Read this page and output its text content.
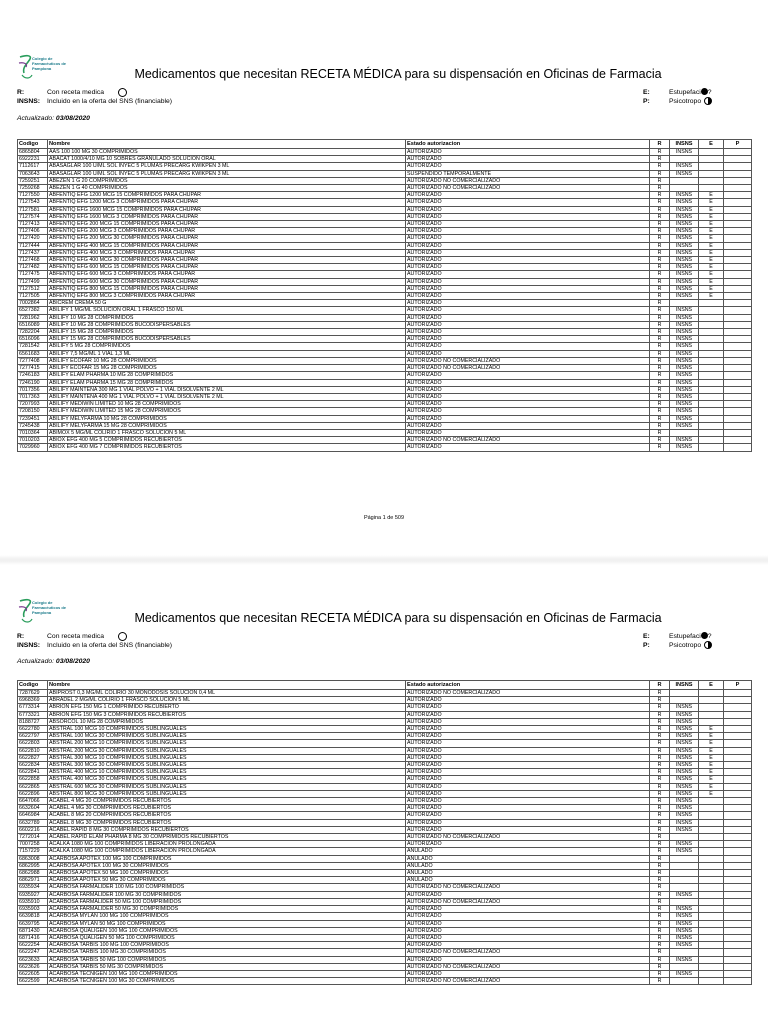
Colegio de Farmacéuticos de Pamplona	Medicamentos que necesitan RECETA MÉDICA para su dispensación en Oficinas de Farmacia
R:	Con receta medica
INSNS:	Incluido en la oferta del SNS (financiable)
E:	Estupefaci ?
P:	Psicotropo
Actualizado: 03/08/2020
Codigo	Nombre	Estado autorizacion	R	INSNS	E	P
6865804	AAS 100 100 MG 30 COMPRIMIDOS	AUTORIZADO	R	INSNS		
6922231	ABACAT 1000/4/10 MG 10 SOBRES GRANULADO SOLUCION ORAL	AUTORIZADO	R			
7112617	ABASAGLAR 100 U/ML SOL INYEC 5 PLUMAS PRECARG KWIKPEN 3 ML	AUTORIZADO	R	INSNS		
7063643	ABASAGLAR 100 U/ML SOL INYEC 5 PLUMAS PRECARG KWIKPEN 3 ML	SUSPENDIDO TEMPORALMENTE	R	INSNS		
7259251	ABEZEN 1 G 20 COMPRIMIDOS	AUTORIZADO NO COMERCIALIZADO	R			
7259268	ABEZEN 1 G 40 COMPRIMIDOS	AUTORIZADO NO COMERCIALIZADO	R			
7127550	ABFENTIQ EFG 1200 MCG 15 COMPRIMIDOS PARA CHUPAR	AUTORIZADO	R	INSNS	E	
7127543	ABFENTIQ EFG 1200 MCG 3 COMPRIMIDOS PARA CHUPAR	AUTORIZADO	R	INSNS	E	
7127581	ABFENTIQ EFG 1600 MCG 15 COMPRIMIDOS PARA CHUPAR	AUTORIZADO	R	INSNS	E	
7127574	ABFENTIQ EFG 1600 MCG 3 COMPRIMIDOS PARA CHUPAR	AUTORIZADO	R	INSNS	E	
7127413	ABFENTIQ EFG 200 MCG 15 COMPRIMIDOS PARA CHUPAR	AUTORIZADO	R	INSNS	E	
7127406	ABFENTIQ EFG 200 MCG 3 COMPRIMIDOS PARA CHUPAR	AUTORIZADO	R	INSNS	E	
7127420	ABFENTIQ EFG 200 MCG 30 COMPRIMIDOS PARA CHUPAR	AUTORIZADO	R	INSNS	E	
7127444	ABFENTIQ EFG 400 MCG 15 COMPRIMIDOS PARA CHUPAR	AUTORIZADO	R	INSNS	E	
7127437	ABFENTIQ EFG 400 MCG 3 COMPRIMIDOS PARA CHUPAR	AUTORIZADO	R	INSNS	E	
7127468	ABFENTIQ EFG 400 MCG 30 COMPRIMIDOS PARA CHUPAR	AUTORIZADO	R	INSNS	E	
7127482	ABFENTIQ EFG 600 MCG 15 COMPRIMIDOS PARA CHUPAR	AUTORIZADO	R	INSNS	E	
7127475	ABFENTIQ EFG 600 MCG 3 COMPRIMIDOS PARA CHUPAR	AUTORIZADO	R	INSNS	E	
7127499	ABFENTIQ EFG 600 MCG 30 COMPRIMIDOS PARA CHUPAR	AUTORIZADO	R	INSNS	E	
7127512	ABFENTIQ EFG 800 MCG 15 COMPRIMIDOS PARA CHUPAR	AUTORIZADO	R	INSNS	E	
7127505	ABFENTIQ EFG 800 MCG 3 COMPRIMIDOS PARA CHUPAR	AUTORIZADO	R	INSNS	E	
7002864	ABICREM CREMA 50 G	AUTORIZADO	R			
6527382	ABILIFY 1 MG/ML SOLUCION ORAL 1 FRASCO 150 ML	AUTORIZADO	R	INSNS		
7281962	ABILIFY 10 MG 28 COMPRIMIDOS	AUTORIZADO	R	INSNS		
6516089	ABILIFY 10 MG 28 COMPRIMIDOS BUCODISPERSABLES	AUTORIZADO	R	INSNS		
7282204	ABILIFY 15 MG 28 COMPRIMIDOS	AUTORIZADO	R	INSNS		
6516096	ABILIFY 15 MG 28 COMPRIMIDOS BUCODISPERSABLES	AUTORIZADO	R	INSNS		
7281542	ABILIFY 5 MG 28 COMPRIMIDOS	AUTORIZADO	R	INSNS		
6561683	ABILIFY 7,5 MG/ML 1 VIAL 1,3 ML	AUTORIZADO	R	INSNS		
7277408	ABILIFY ECOFAR 10 MG 28 COMPRIMIDOS	AUTORIZADO NO COMERCIALIZADO	R	INSNS		
7277415	ABILIFY ECOFAR 15 MG 28 COMPRIMIDOS	AUTORIZADO NO COMERCIALIZADO	R	INSNS		
7246183	ABILIFY ELAM PHARMA 10 MG 28 COMPRIMIDOS	AUTORIZADO	R	INSNS		
7246190	ABILIFY ELAM PHARMA 15 MG 28 COMPRIMIDOS	AUTORIZADO	R	INSNS		
7017356	ABILIFY MAINTENA 300 MG 1 VIAL POLVO + 1 VIAL DISOLVENTE 2 ML	AUTORIZADO	R	INSNS		
7017363	ABILIFY MAINTENA 400 MG 1 VIAL POLVO + 1 VIAL DISOLVENTE 2 ML	AUTORIZADO	R	INSNS		
7207993	ABILIFY MEDIWIN LIMITED 10 MG 28 COMPRIMIDOS	AUTORIZADO	R	INSNS		
7208150	ABILIFY MEDIWIN LIMITED 15 MG 28 COMPRIMIDOS	AUTORIZADO	R	INSNS		
7239451	ABILIFY MELYFARMA 10 MG 28 COMPRIMIDOS	AUTORIZADO	R	INSNS		
7245438	ABILIFY MELYFARMA 15 MG 28 COMPRIMIDOS	AUTORIZADO	R	INSNS		
7010364	ABIMOX 5 MG/ML COLIRIO 1 FRASCO SOLUCION 5 ML	AUTORIZADO	R			
7010203	ABIOX EFG 400 MG 5 COMPRIMIDOS RECUBIERTOS	AUTORIZADO NO COMERCIALIZADO	R	INSNS		
7029960	ABIOX EFG 400 MG 7 COMPRIMIDOS RECUBIERTOS	AUTORIZADO	R	INSNS		
Página 1 de 509
Colegio de Farmacéuticos de Pamplona	Medicamentos que necesitan RECETA MÉDICA para su dispensación en Oficinas de Farmacia
R:	Con receta medica
INSNS:	Incluido en la oferta del SNS (financiable)
E:	Estupefaci ?
P:	Psicotropo
Actualizado: 03/08/2020
Codigo	Nombre	Estado autorizacion	R	INSNS	E	P
7287629	ABIPROST 0,3 MG/ML COLIRIO 30 MONODOSIS SOLUCION 0,4 ML	AUTORIZADO NO COMERCIALIZADO	R			
6968369	ABRADEL 2 MG/ML COLIRIO 1 FRASCO SOLUCION 5 ML	AUTORIZADO	R			
6773314	ABRION EFG 150 MG 1 COMPRIMIDO RECUBIERTO	AUTORIZADO	R	INSNS		
6773321	ABRION EFG 150 MG 3 COMPRIMIDOS RECUBIERTOS	AUTORIZADO	R	INSNS		
8188727	ABSORCOL 10 MG 28 COMPRIMIDOS	AUTORIZADO	R	INSNS		
6622780	ABSTRAL 100 MCG 10 COMPRIMIDOS SUBLINGUALES	AUTORIZADO	R	INSNS	E	
6622797	ABSTRAL 100 MCG 30 COMPRIMIDOS SUBLINGUALES	AUTORIZADO	R	INSNS	E	
6622803	ABSTRAL 200 MCG 10 COMPRIMIDOS SUBLINGUALES	AUTORIZADO	R	INSNS	E	
6622810	ABSTRAL 200 MCG 30 COMPRIMIDOS SUBLINGUALES	AUTORIZADO	R	INSNS	E	
6622827	ABSTRAL 300 MCG 10 COMPRIMIDOS SUBLINGUALES	AUTORIZADO	R	INSNS	E	
6622834	ABSTRAL 300 MCG 30 COMPRIMIDOS SUBLINGUALES	AUTORIZADO	R	INSNS	E	
6622841	ABSTRAL 400 MCG 10 COMPRIMIDOS SUBLINGUALES	AUTORIZADO	R	INSNS	E	
6622858	ABSTRAL 400 MCG 30 COMPRIMIDOS SUBLINGUALES	AUTORIZADO	R	INSNS	E	
6622865	ABSTRAL 600 MCG 30 COMPRIMIDOS SUBLINGUALES	AUTORIZADO	R	INSNS	E	
6622896	ABSTRAL 800 MCG 30 COMPRIMIDOS SUBLINGUALES	AUTORIZADO	R	INSNS	E	
6647066	ACABEL 4 MG 20 COMPRIMIDOS RECUBIERTOS	AUTORIZADO	R	INSNS		
6632604	ACABEL 4 MG 30 COMPRIMIDOS RECUBIERTOS	AUTORIZADO	R	INSNS		
6646984	ACABEL 8 MG 20 COMPRIMIDOS RECUBIERTOS	AUTORIZADO	R	INSNS		
6632789	ACABEL 8 MG 30 COMPRIMIDOS RECUBIERTOS	AUTORIZADO	R	INSNS		
6602216	ACABEL RAPID 8 MG 30 COMPRIMIDOS RECUBIERTOS	AUTORIZADO	R	INSNS		
7272014	ACABEL RAPID ELAM PHARMA 8 MG 30 COMPRIMIDOS RECUBIERTOS	AUTORIZADO NO COMERCIALIZADO	R			
7007258	ACALKA 1080 MG 100 COMPRIMIDOS LIBERACION PROLONGADA	AUTORIZADO	R	INSNS		
7157229	ACALKA 1080 MG 100 COMPRIMIDOS LIBERACION PROLONGADA	ANULADO	R	INSNS		
6863008	ACARBOSA APOTEX 100 MG 100 COMPRIMIDOS	ANULADO	R			
6862995	ACARBOSA APOTEX 100 MG 30 COMPRIMIDOS	ANULADO	R			
6862988	ACARBOSA APOTEX 50 MG 100 COMPRIMIDOS	ANULADO	R			
6862971	ACARBOSA APOTEX 50 MG 30 COMPRIMIDOS	ANULADO	R			
6935934	ACARBOSA FARMALIDER 100 MG 100 COMPRIMIDOS	AUTORIZADO NO COMERCIALIZADO	R			
6935927	ACARBOSA FARMALIDER 100 MG 30 COMPRIMIDOS	AUTORIZADO	R	INSNS		
6935910	ACARBOSA FARMALIDER 50 MG 100 COMPRIMIDOS	AUTORIZADO NO COMERCIALIZADO	R			
6935903	ACARBOSA FARMALIDER 50 MG 30 COMPRIMIDOS	AUTORIZADO	R	INSNS		
6639818	ACARBOSA MYLAN 100 MG 100 COMPRIMIDOS	AUTORIZADO	R	INSNS		
6639795	ACARBOSA MYLAN 50 MG 100 COMPRIMIDOS	AUTORIZADO	R	INSNS		
6871430	ACARBOSA QUALIGEN 100 MG 100 COMPRIMIDOS	AUTORIZADO	R	INSNS		
6871416	ACARBOSA QUALIGEN 50 MG 100 COMPRIMIDOS	AUTORIZADO	R	INSNS		
6622254	ACARBOSA TARBIS 100 MG 100 COMPRIMIDOS	AUTORIZADO	R	INSNS		
6622247	ACARBOSA TARBIS 100 MG 30 COMPRIMIDOS	AUTORIZADO NO COMERCIALIZADO	R			
6623633	ACARBOSA TARBIS 50 MG 100 COMPRIMIDOS	AUTORIZADO	R	INSNS		
6623626	ACARBOSA TARBIS 50 MG 30 COMPRIMIDOS	AUTORIZADO NO COMERCIALIZADO	R			
6622605	ACARBOSA TECNIGEN 100 MG 100 COMPRIMIDOS	AUTORIZADO	R	INSNS		
6622599	ACARBOSA TECNIGEN 100 MG 30 COMPRIMIDOS	AUTORIZADO NO COMERCIALIZADO	R			
